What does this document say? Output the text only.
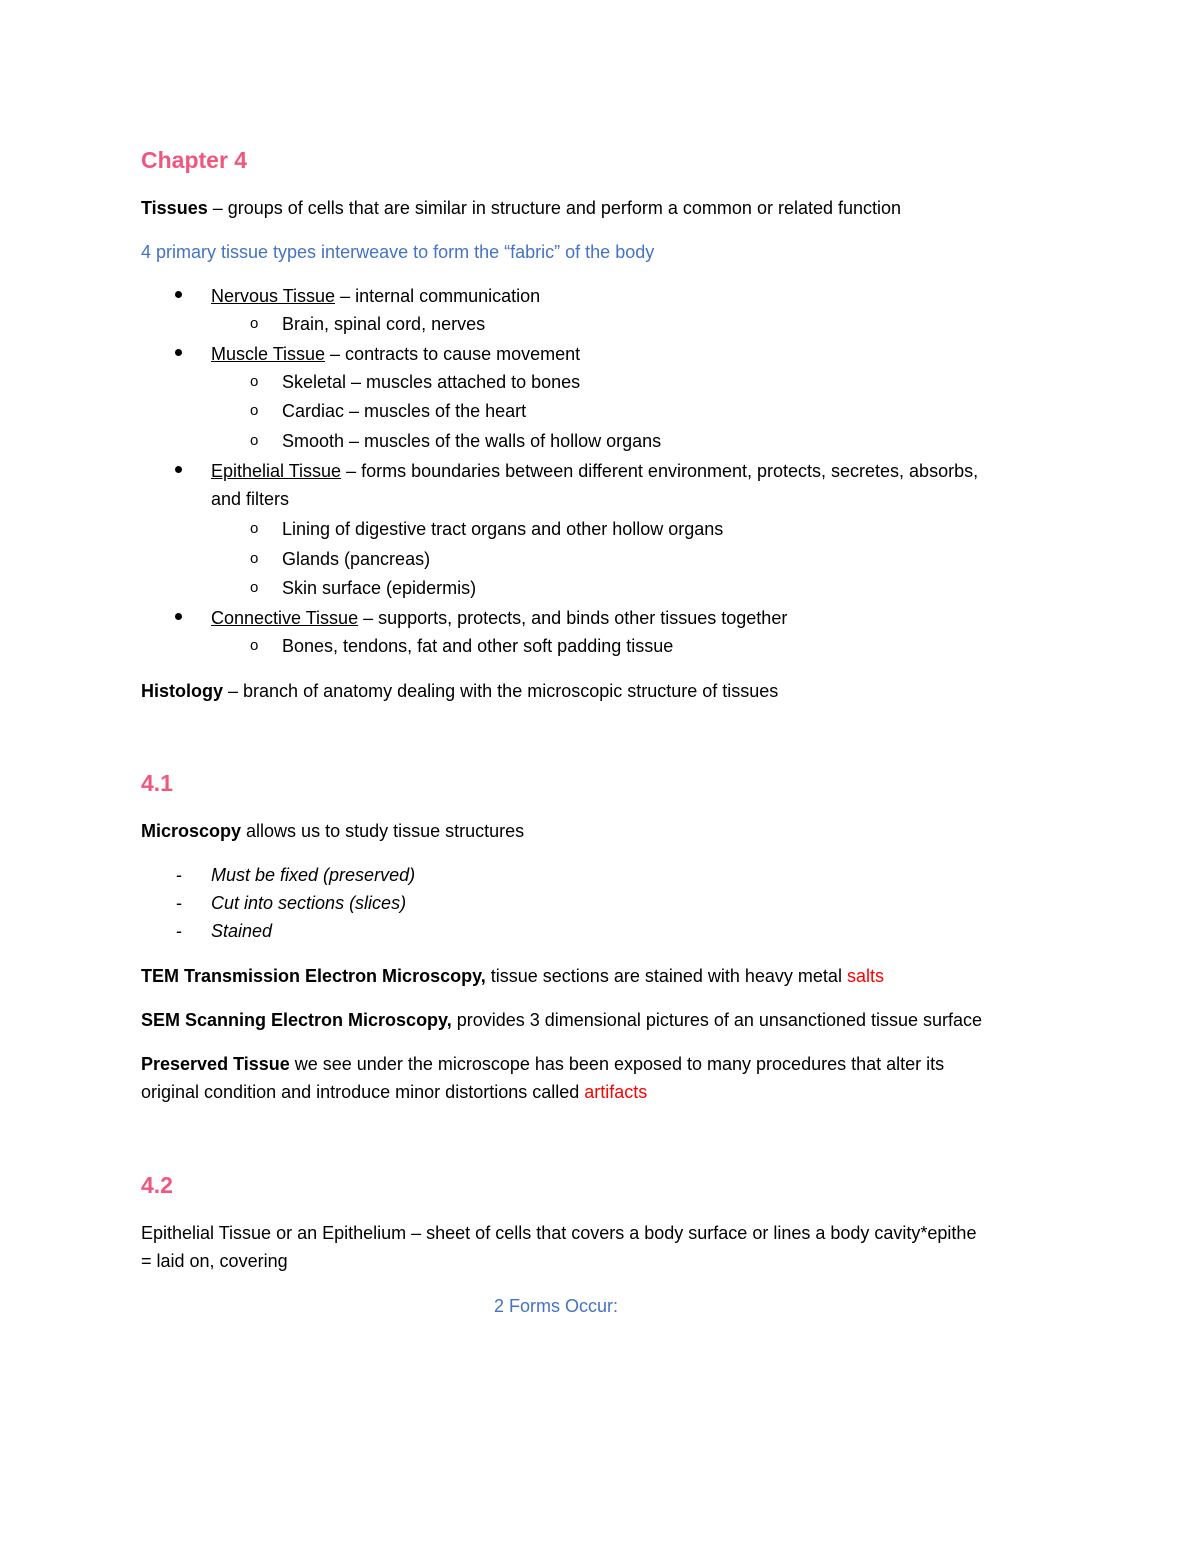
Chapter 4
Tissues – groups of cells that are similar in structure and perform a common or related function
4 primary tissue types interweave to form the “fabric” of the body
Nervous Tissue – internal communication
o Brain, spinal cord, nerves
Muscle Tissue – contracts to cause movement
o Skeletal – muscles attached to bones
o Cardiac – muscles of the heart
o Smooth – muscles of the walls of hollow organs
Epithelial Tissue – forms boundaries between different environment, protects, secretes, absorbs,
and filters
o Lining of digestive tract organs and other hollow organs
o Glands (pancreas)
o Skin surface (epidermis)
Connective Tissue – supports, protects, and binds other tissues together
o Bones, tendons, fat and other soft padding tissue
Histology – branch of anatomy dealing with the microscopic structure of tissues
4.1
Microscopy allows us to study tissue structures
- Must be fixed (preserved)
- Cut into sections (slices)
- Stained
TEM Transmission Electron Microscopy, tissue sections are stained with heavy metal salts
SEM Scanning Electron Microscopy, provides 3 dimensional pictures of an unsanctioned tissue surface
Preserved Tissue we see under the microscope has been exposed to many procedures that alter its
original condition and introduce minor distortions called artifacts
4.2
Epithelial Tissue or an Epithelium – sheet of cells that covers a body surface or lines a body cavity*epithe
= laid on, covering
2 Forms Occur:
